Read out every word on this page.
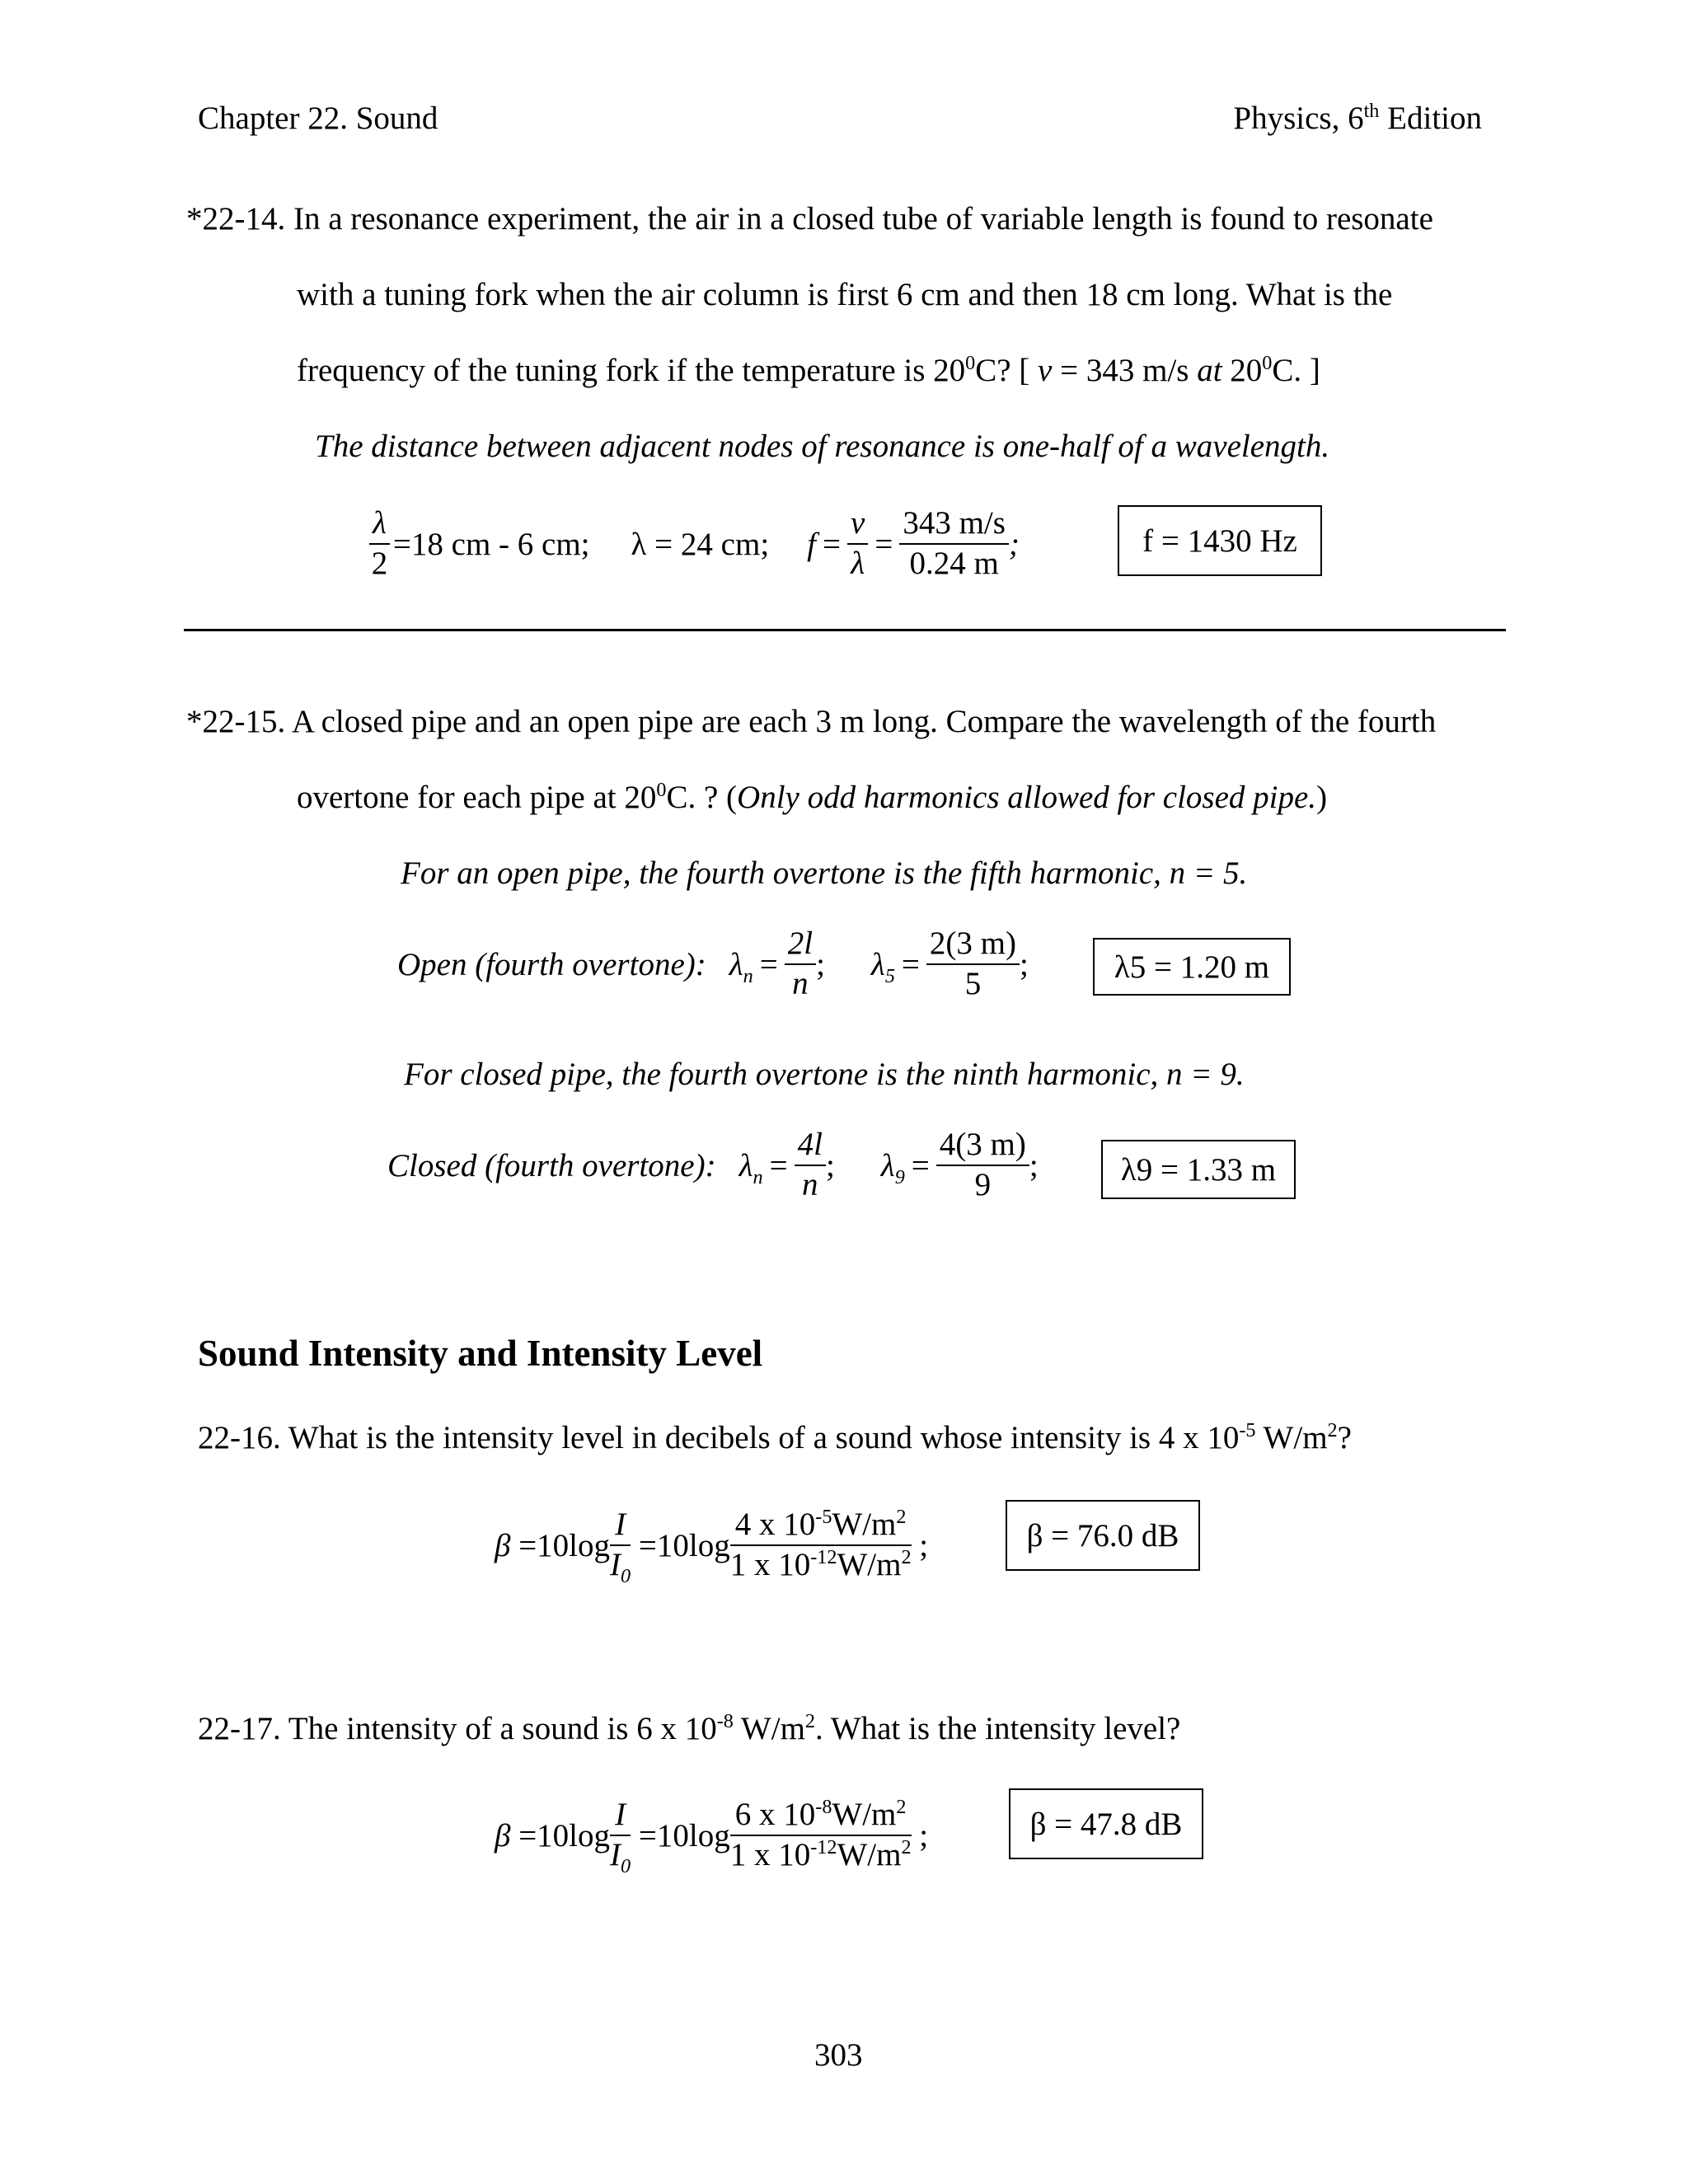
Chapter 22. Sound	Physics, 6th Edition
*22-14. In a resonance experiment, the air in a closed tube of variable length is found to resonate
with a tuning fork when the air column is first 6 cm and then 18 cm long. What is the
frequency of the tuning fork if the temperature is $20^0C$? [ v = 343 m/s at $20^0C$. ]
The distance between adjacent nodes of resonance is one-half of a wavelength.
$\frac{\lambda}{2} =18$ cm - 6 cm; λ = 24 cm; $f = \frac{v}{\lambda} = \frac{343 m/s}{0.24 m}$ ;	f = 1430 Hz
*22-15. A closed pipe and an open pipe are each 3 m long. Compare the wavelength of the fourth
overtone for each pipe at $20^0C$. ? (Only odd harmonics allowed for closed pipe.)
For an open pipe, the fourth overtone is the fifth harmonic, n = 5.
Open (fourth overtone): $\lambda_n = \frac{2l}{n}$ ; $\lambda_5 = \frac{2(3 m)}{5}$ ;	λ5 = 1.20 m
For closed pipe, the fourth overtone is the ninth harmonic, n = 9.
Closed (fourth overtone): $\lambda_n = \frac{4l}{n}$ ; $\lambda_9 = \frac{4(3 m)}{9}$ ;	λ9 = 1.33 m
Sound Intensity and Intensity Level
22-16. What is the intensity level in decibels of a sound whose intensity is 4 x $10^{-5}$ $W/m^2$?
$\beta =10\log \frac{I}{I_0} =10\log \frac{4 x 10^{-5}W/m^2}{1 x 10^{-12}W/m^2}$ ;	β = 76.0 dB
22-17. The intensity of a sound is 6 x $10^{-8}$ $W/m^2$. What is the intensity level?
$\beta =10\log \frac{I}{I_0} =10\log \frac{6 x 10^{-8}W/m^2}{1 x 10^{-12}W/m^2}$ ;	β = 47.8 dB
303
